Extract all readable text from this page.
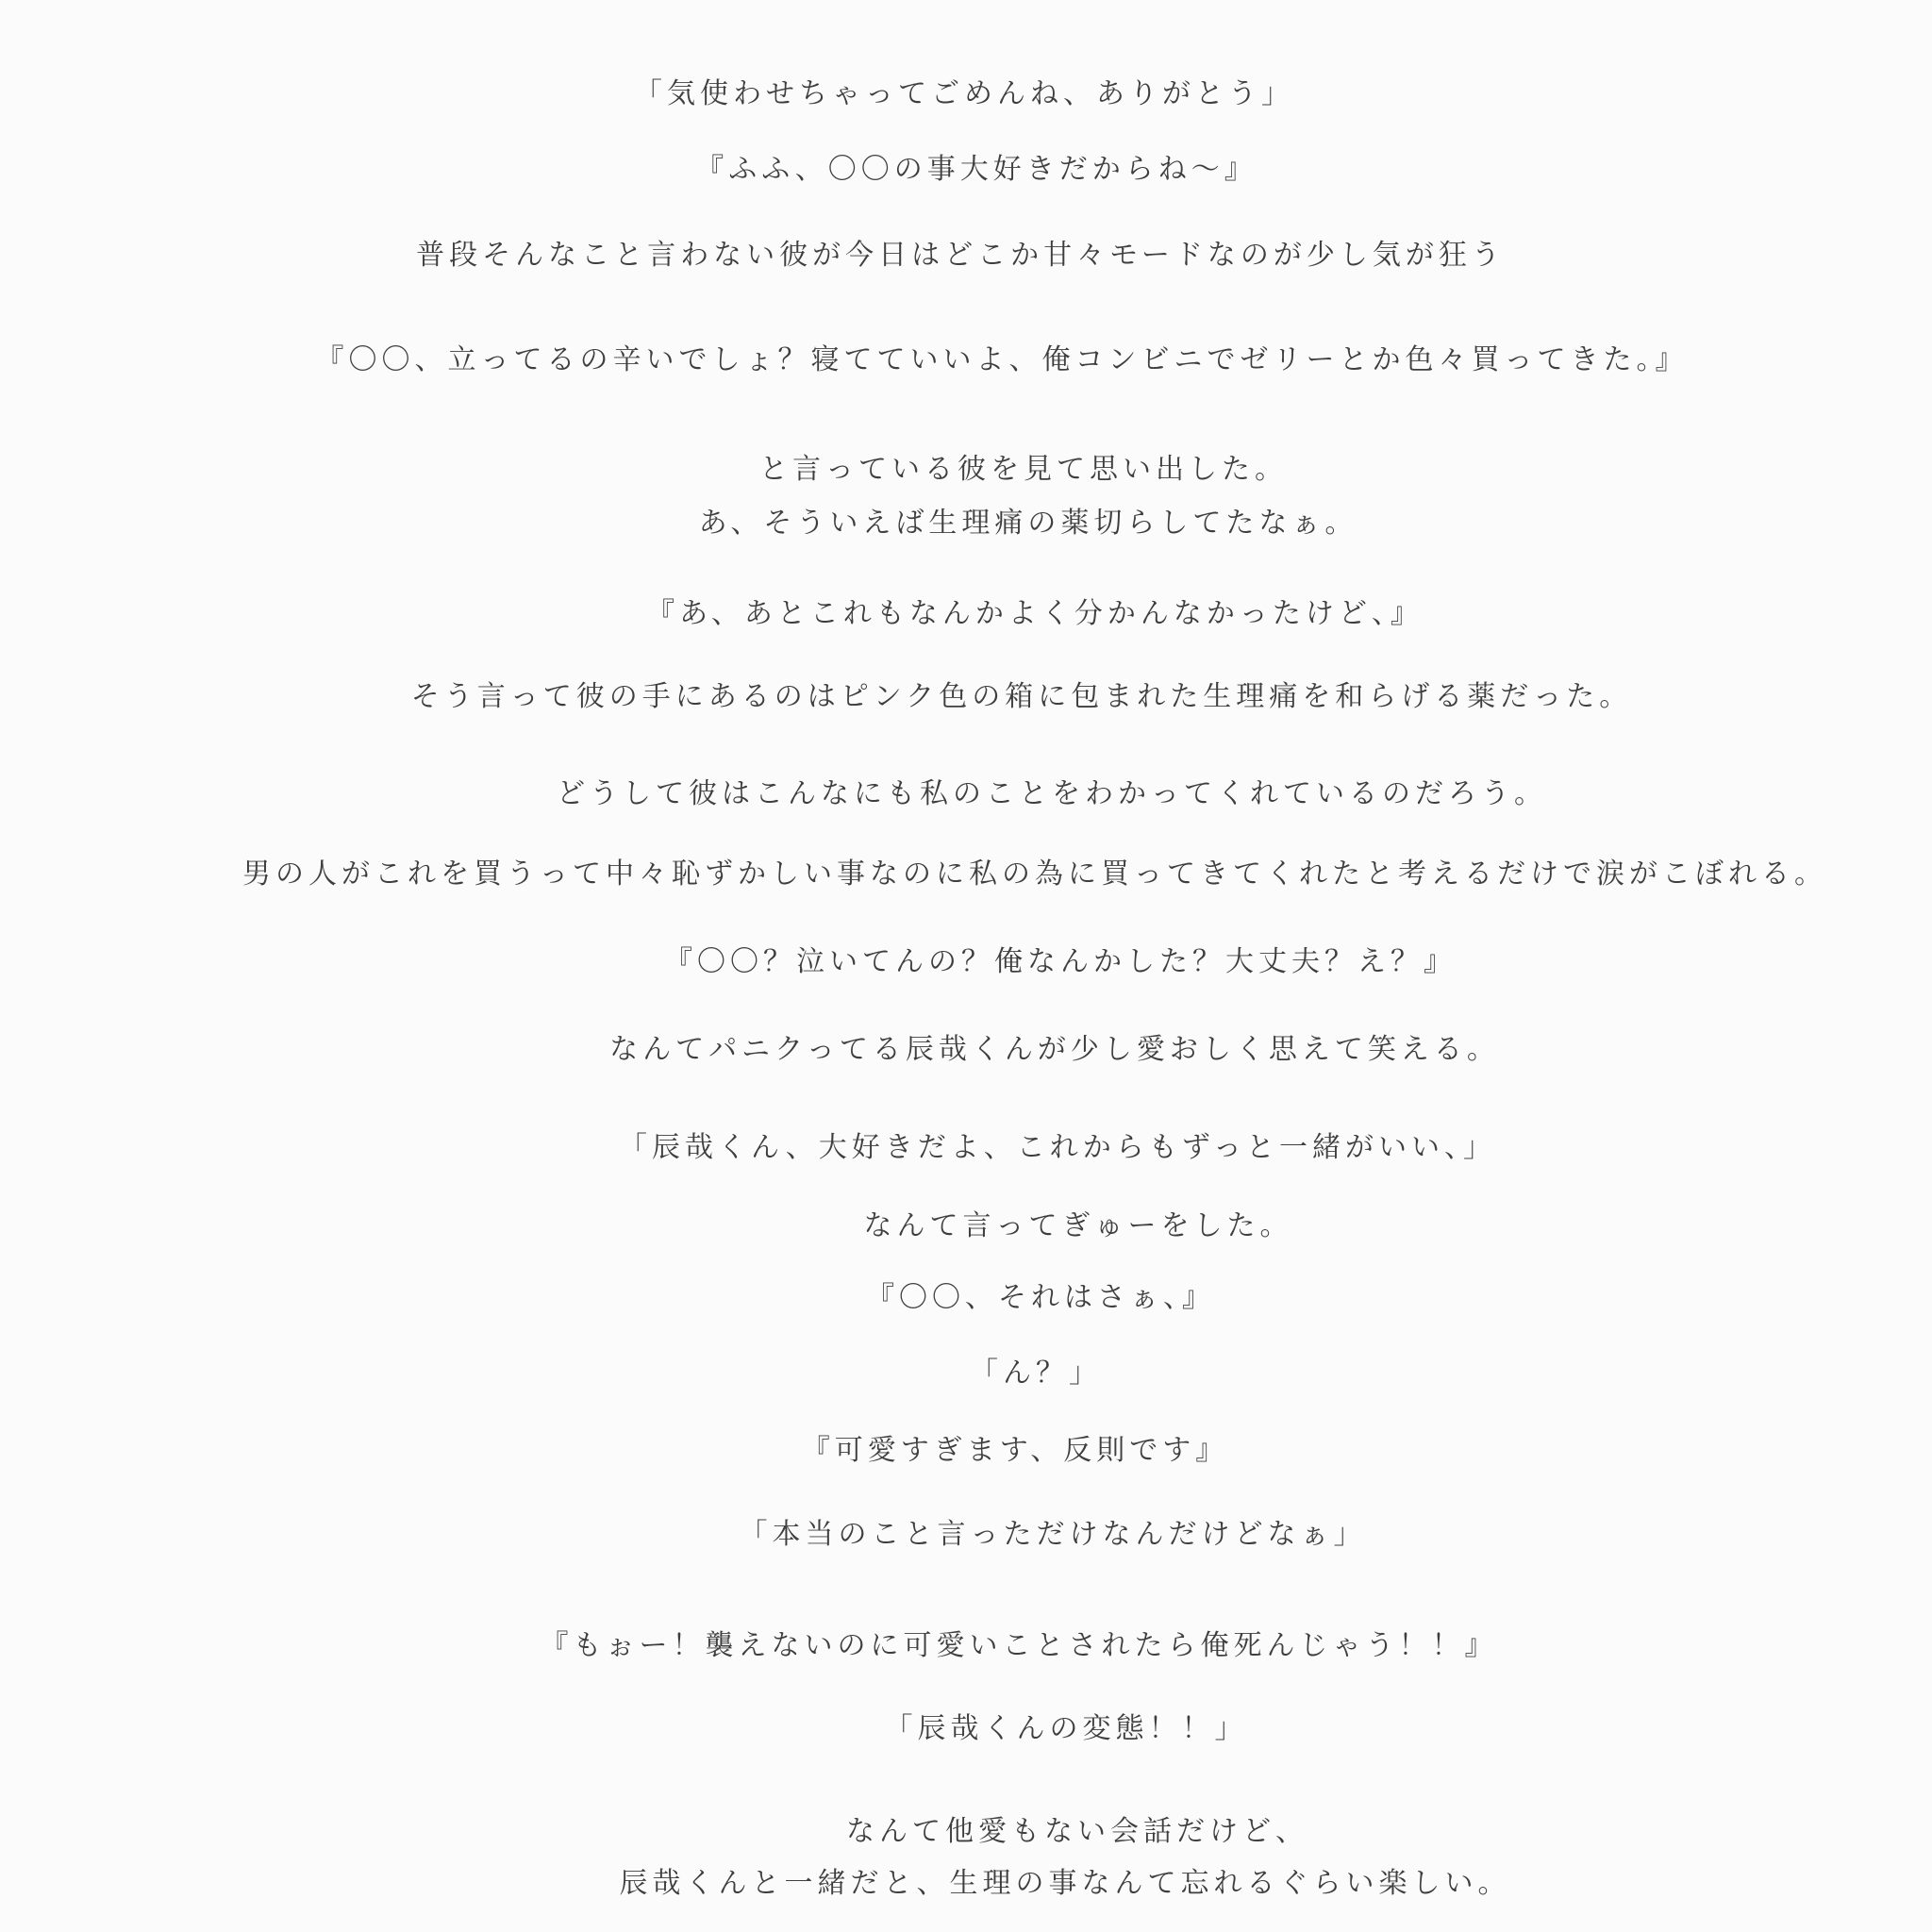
「気使わせちゃってごめんね、ありがとう」
『ふふ、〇〇の事大好きだからね〜』
普段そんなこと言わない彼が今日はどこか甘々モードなのが少し気が狂う
『〇〇、立ってるの辛いでしょ？寝てていいよ、俺コンビニでゼリーとか色々買ってきた。』
と言っている彼を見て思い出した。
あ、そういえば生理痛の薬切らしてたなぁ。
『あ、あとこれもなんかよく分かんなかったけど、』
そう言って彼の手にあるのはピンク色の箱に包まれた生理痛を和らげる薬だった。
どうして彼はこんなにも私のことをわかってくれているのだろう。
男の人がこれを買うって中々恥ずかしい事なのに私の為に買ってきてくれたと考えるだけで涙がこぼれる。
『〇〇？泣いてんの？俺なんかした？大丈夫？え？』
なんてパニクってる辰哉くんが少し愛おしく思えて笑える。
「辰哉くん、大好きだよ、これからもずっと一緒がいい、」
なんて言ってぎゅーをした。
『〇〇、それはさぁ、』
「ん？」
『可愛すぎます、反則です』
「本当のこと言っただけなんだけどなぁ」
『もぉー！襲えないのに可愛いことされたら俺死んじゃう！！』
「辰哉くんの変態！！」
なんて他愛もない会話だけど、
辰哉くんと一緒だと、生理の事なんて忘れるぐらい楽しい。
